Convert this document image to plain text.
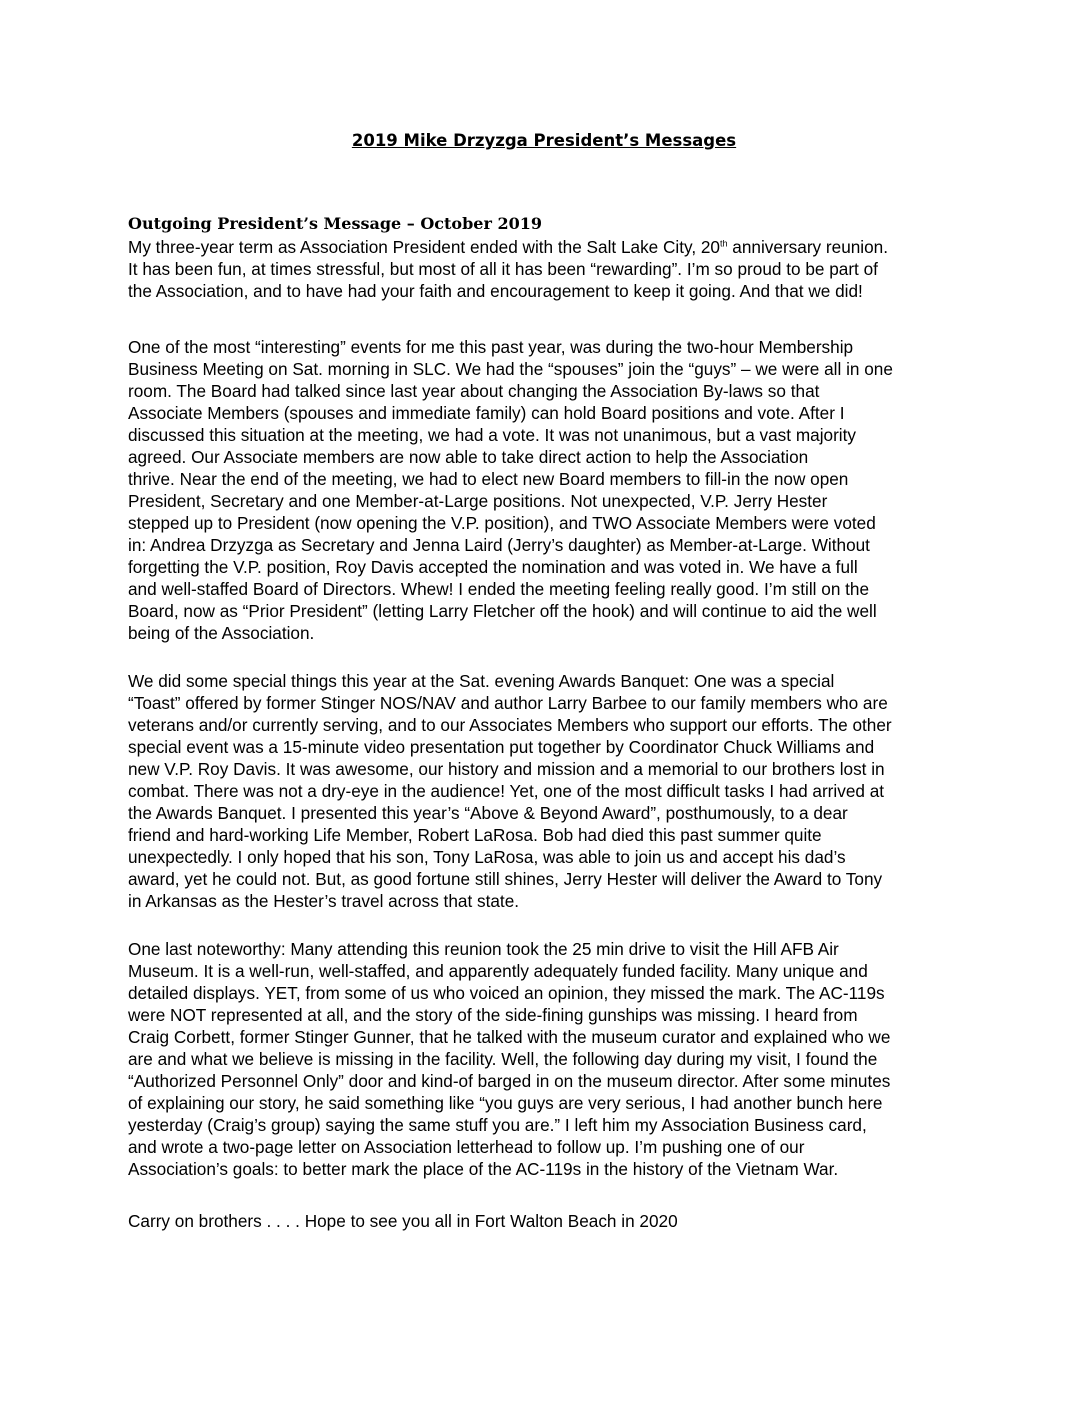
2019 Mike Drzyzga President’s Messages
Outgoing President’s Message – October 2019

My three-year term as Association President ended with the Salt Lake City, 20th anniversary reunion.
It has been fun, at times stressful, but most of all it has been “rewarding”. I’m so proud to be part of
the Association, and to have had your faith and encouragement to keep it going. And that we did!

One of the most “interesting” events for me this past year, was during the two-hour Membership
Business Meeting on Sat. morning in SLC. We had the “spouses” join the “guys” – we were all in one
room. The Board had talked since last year about changing the Association By-laws so that
Associate Members (spouses and immediate family) can hold Board positions and vote. After I
discussed this situation at the meeting, we had a vote. It was not unanimous, but a vast majority
agreed. Our Associate members are now able to take direct action to help the Association
thrive. Near the end of the meeting, we had to elect new Board members to fill-in the now open
President, Secretary and one Member-at-Large positions. Not unexpected, V.P. Jerry Hester
stepped up to President (now opening the V.P. position), and TWO Associate Members were voted
in: Andrea Drzyzga as Secretary and Jenna Laird (Jerry’s daughter) as Member-at-Large. Without
forgetting the V.P. position, Roy Davis accepted the nomination and was voted in. We have a full
and well-staffed Board of Directors. Whew! I ended the meeting feeling really good. I’m still on the
Board, now as “Prior President” (letting Larry Fletcher off the hook) and will continue to aid the well
being of the Association.

We did some special things this year at the Sat. evening Awards Banquet: One was a special
“Toast” offered by former Stinger NOS/NAV and author Larry Barbee to our family members who are
veterans and/or currently serving, and to our Associates Members who support our efforts. The other
special event was a 15-minute video presentation put together by Coordinator Chuck Williams and
new V.P. Roy Davis. It was awesome, our history and mission and a memorial to our brothers lost in
combat. There was not a dry-eye in the audience! Yet, one of the most difficult tasks I had arrived at
the Awards Banquet. I presented this year’s “Above & Beyond Award”, posthumously, to a dear
friend and hard-working Life Member, Robert LaRosa. Bob had died this past summer quite
unexpectedly. I only hoped that his son, Tony LaRosa, was able to join us and accept his dad’s
award, yet he could not. But, as good fortune still shines, Jerry Hester will deliver the Award to Tony
in Arkansas as the Hester’s travel across that state.

One last noteworthy: Many attending this reunion took the 25 min drive to visit the Hill AFB Air
Museum. It is a well-run, well-staffed, and apparently adequately funded facility. Many unique and
detailed displays. YET, from some of us who voiced an opinion, they missed the mark. The AC-119s
were NOT represented at all, and the story of the side-fining gunships was missing. I heard from
Craig Corbett, former Stinger Gunner, that he talked with the museum curator and explained who we
are and what we believe is missing in the facility. Well, the following day during my visit, I found the
“Authorized Personnel Only” door and kind-of barged in on the museum director. After some minutes
of explaining our story, he said something like “you guys are very serious, I had another bunch here
yesterday (Craig’s group) saying the same stuff you are.” I left him my Association Business card,
and wrote a two-page letter on Association letterhead to follow up. I’m pushing one of our
Association’s goals: to better mark the place of the AC-119s in the history of the Vietnam War.

Carry on brothers . . . . Hope to see you all in Fort Walton Beach in 2020
